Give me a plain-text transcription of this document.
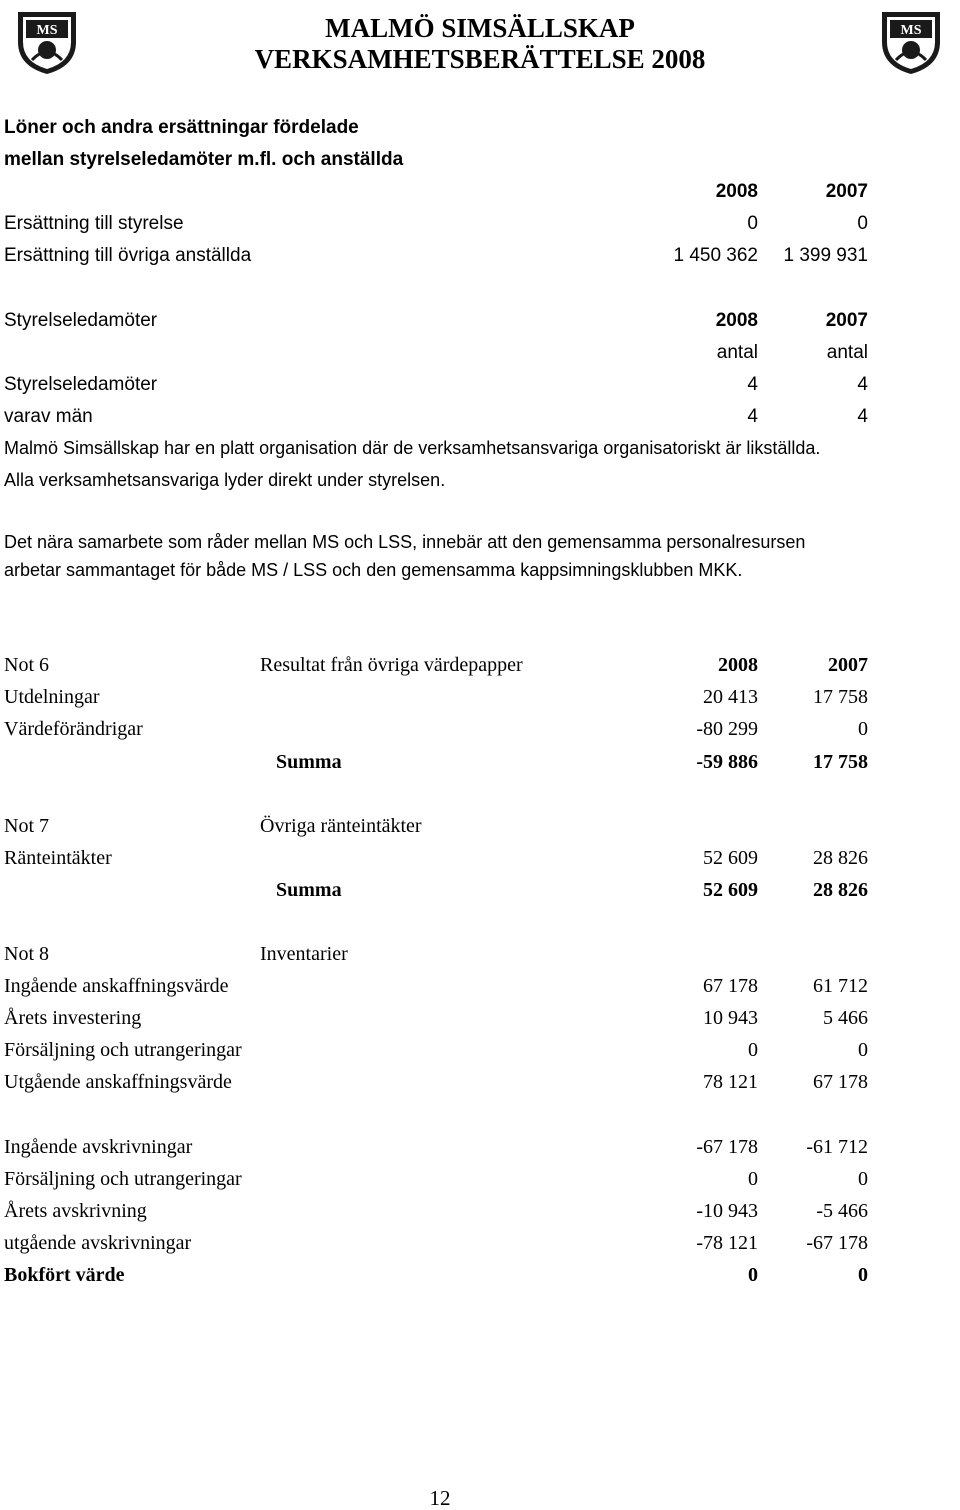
MS	MS
MALMÖ SIMSÄLLSKAP
VERKSAMHETSBERÄTTELSE 2008
Löner och andra ersättningar fördelade
mellan styrelseledamöter m.fl. och anställda
2008	2007
Ersättning till styrelse	0	0
Ersättning till övriga anställda	1 450 362	1 399 931
Styrelseledamöter	2008	2007
antal	antal
Styrelseledamöter	4	4
varav män	4	4
Malmö Simsällskap har en platt organisation där de verksamhetsansvariga organisatoriskt är likställda.
Alla verksamhetsansvariga lyder direkt under styrelsen.
Det nära samarbete som råder mellan MS och LSS, innebär att den gemensamma personalresursen
arbetar sammantaget för både MS / LSS och den gemensamma kappsimningsklubben MKK.
Not 6	Resultat från övriga värdepapper	2008	2007
Utdelningar	20 413	17 758
Värdeförändrigar	-80 299	0
Summa	-59 886	17 758
Not 7	Övriga ränteintäkter
Ränteintäkter	52 609	28 826
Summa	52 609	28 826
Not 8	Inventarier
Ingående anskaffningsvärde	67 178	61 712
Årets investering	10 943	5 466
Försäljning och utrangeringar	0	0
Utgående anskaffningsvärde	78 121	67 178
Ingående avskrivningar	-67 178	-61 712
Försäljning och utrangeringar	0	0
Årets avskrivning	-10 943	-5 466
utgående avskrivningar	-78 121	-67 178
Bokfört värde	0	0
12
